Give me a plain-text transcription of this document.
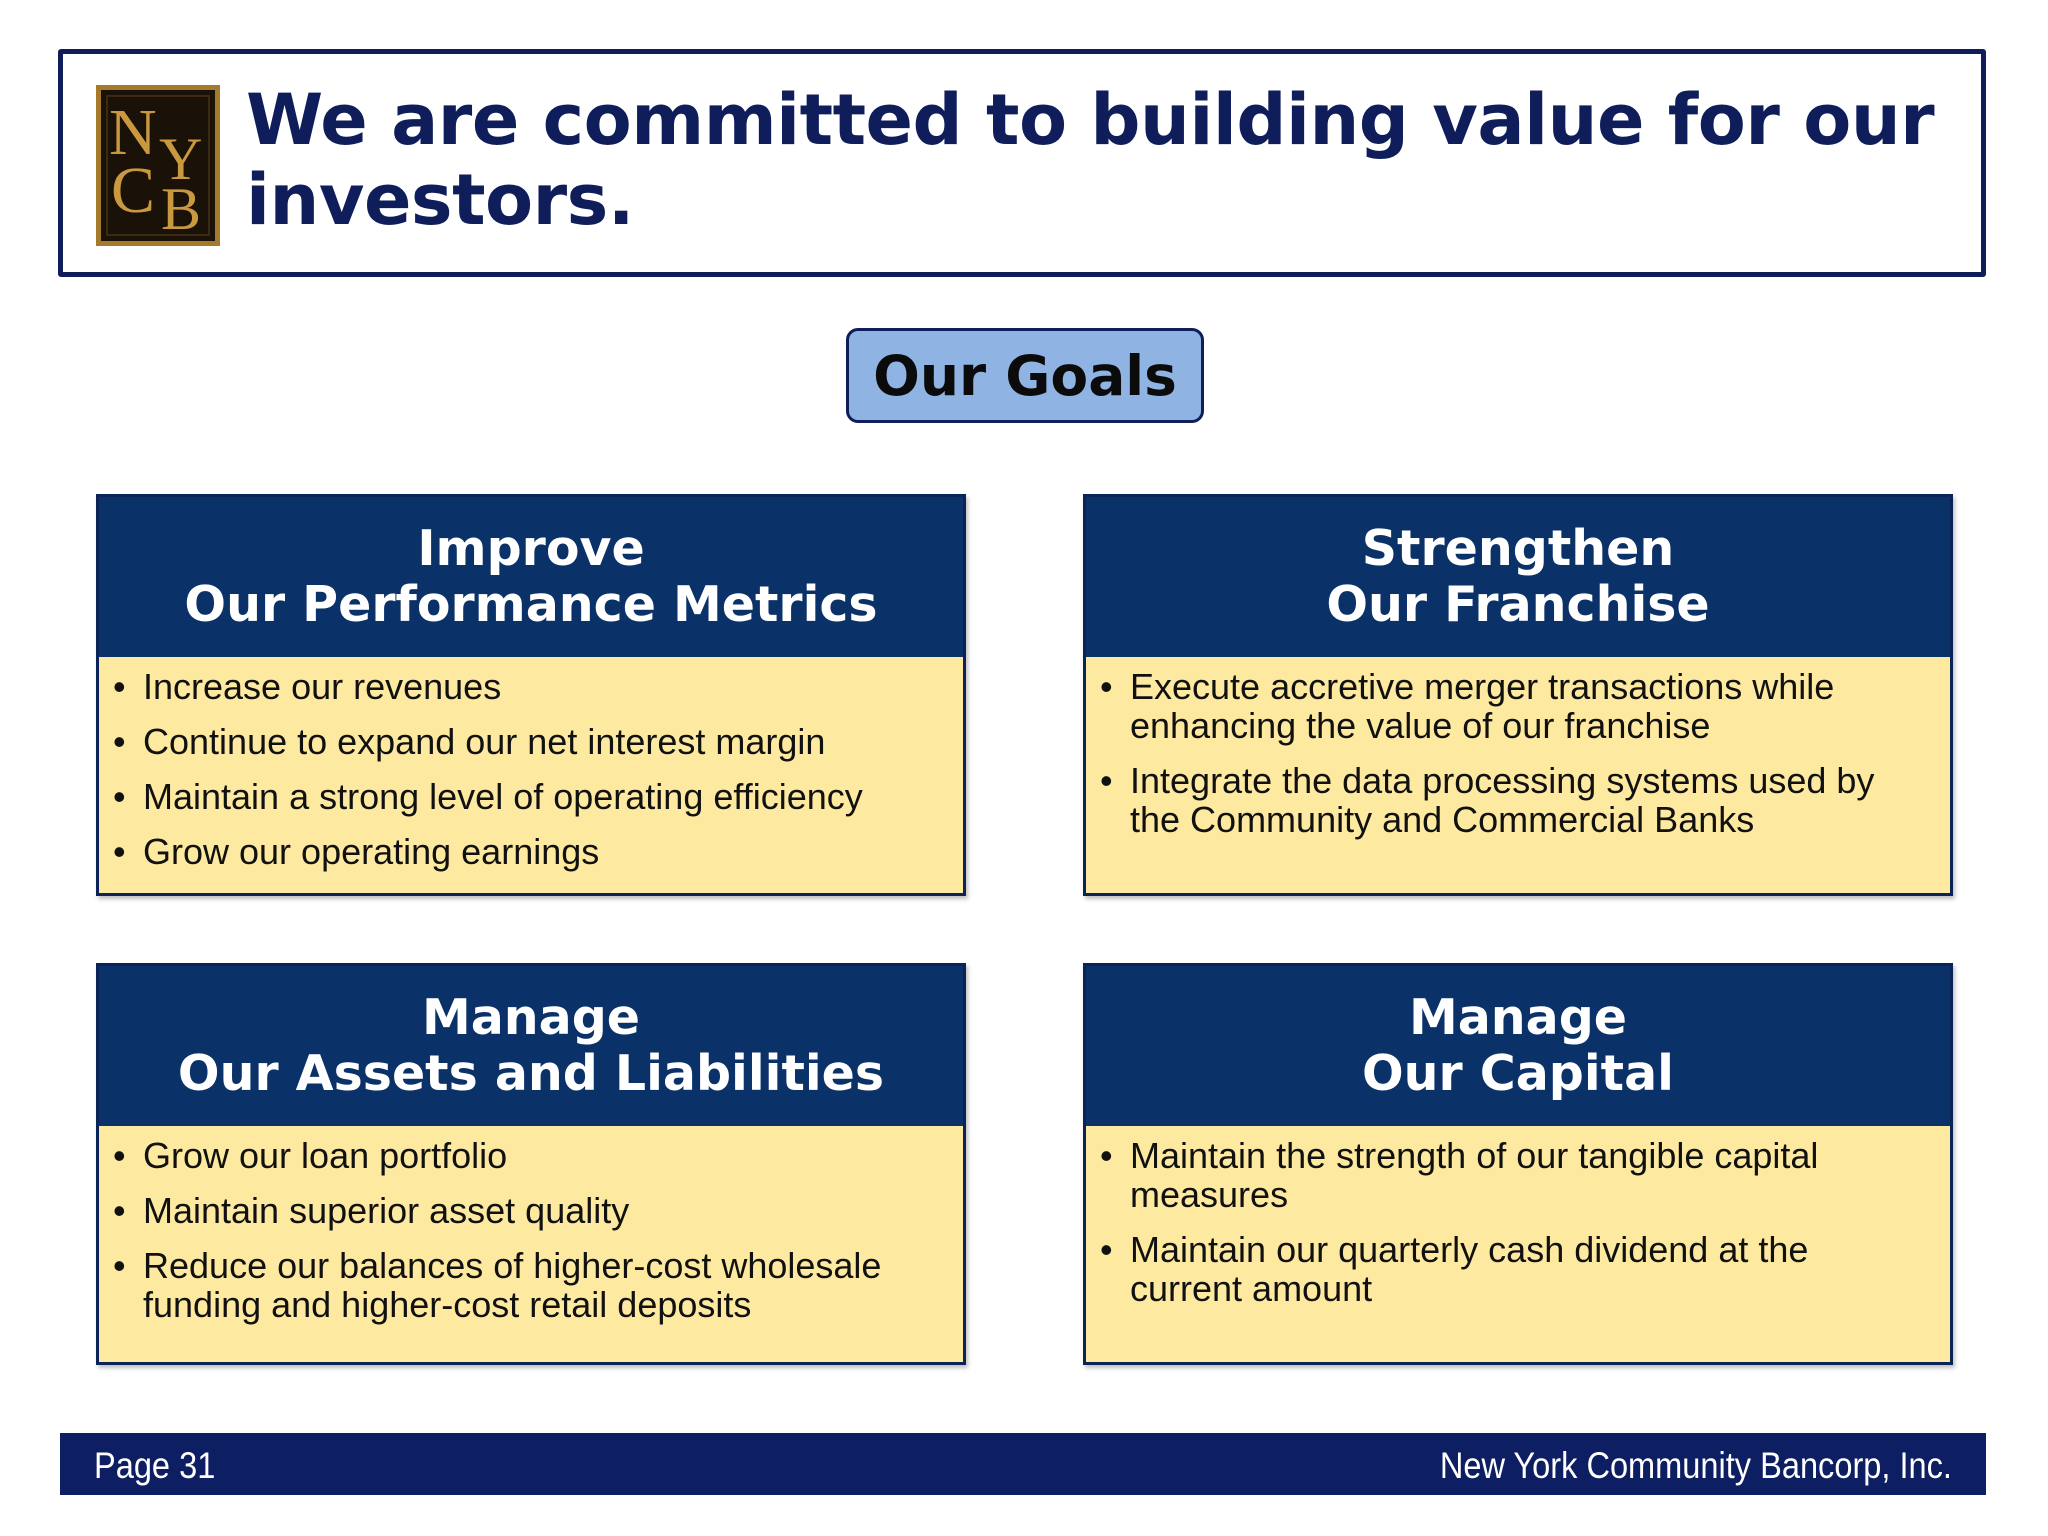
N Y
C B
We are committed to building value for our investors.
Our Goals
Improve
Our Performance Metrics
• Increase our revenues
• Continue to expand our net interest margin
• Maintain a strong level of operating efficiency
• Grow our operating earnings
Strengthen
Our Franchise
• Execute accretive merger transactions while enhancing the value of our franchise
• Integrate the data processing systems used by the Community and Commercial Banks
Manage
Our Assets and Liabilities
• Grow our loan portfolio
• Maintain superior asset quality
• Reduce our balances of higher-cost wholesale funding and higher-cost retail deposits
Manage
Our Capital
• Maintain the strength of our tangible capital measures
• Maintain our quarterly cash dividend at the current amount
Page 31	New York Community Bancorp, Inc.
